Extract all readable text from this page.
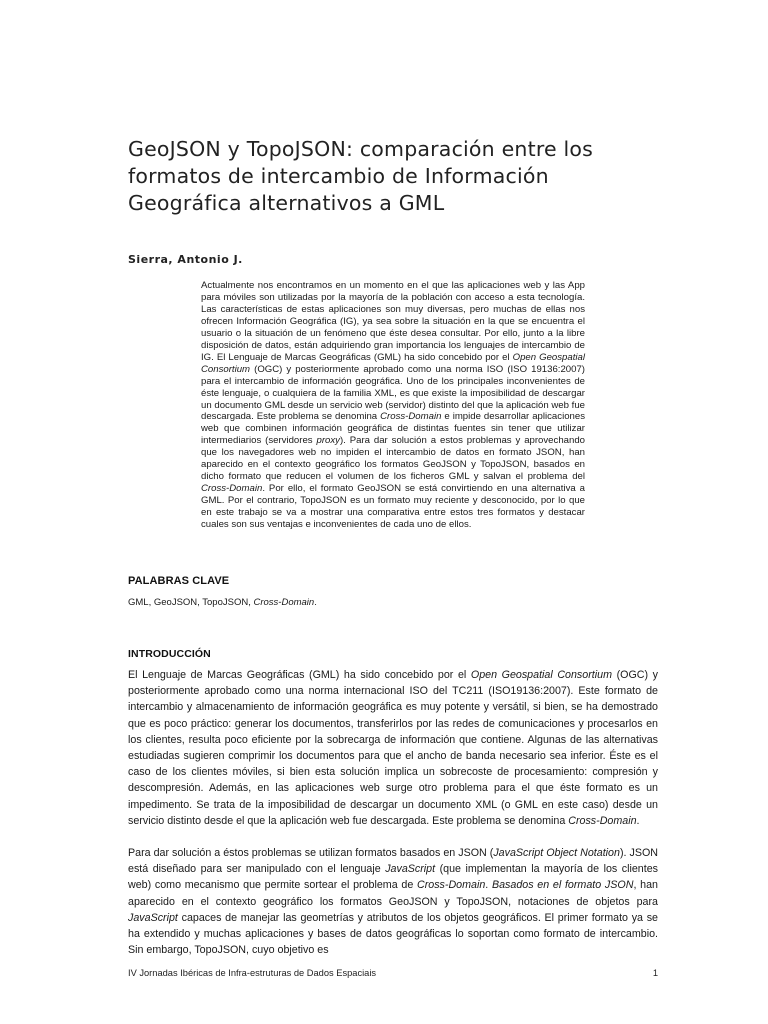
GeoJSON y TopoJSON: comparación entre los formatos de intercambio de Información Geográfica alternativos a GML

Sierra, Antonio J.

Actualmente nos encontramos en un momento en el que las aplicaciones web y las App para móviles son utilizadas por la mayoría de la población con acceso a esta tecnología. Las características de estas aplicaciones son muy diversas, pero muchas de ellas nos ofrecen Información Geográfica (IG), ya sea sobre la situación en la que se encuentra el usuario o la situación de un fenómeno que éste desea consultar. Por ello, junto a la libre disposición de datos, están adquiriendo gran importancia los lenguajes de intercambio de IG. El Lenguaje de Marcas Geográficas (GML) ha sido concebido por el Open Geospatial Consortium (OGC) y posteriormente aprobado como una norma ISO (ISO 19136:2007) para el intercambio de información geográfica. Uno de los principales inconvenientes de éste lenguaje, o cualquiera de la familia XML, es que existe la imposibilidad de descargar un documento GML desde un servicio web (servidor) distinto del que la aplicación web fue descargada. Este problema se denomina Cross-Domain e impide desarrollar aplicaciones web que combinen información geográfica de distintas fuentes sin tener que utilizar intermediarios (servidores proxy). Para dar solución a estos problemas y aprovechando que los navegadores web no impiden el intercambio de datos en formato JSON, han aparecido en el contexto geográfico los formatos GeoJSON y TopoJSON, basados en dicho formato que reducen el volumen de los ficheros GML y salvan el problema del Cross-Domain. Por ello, el formato GeoJSON se está convirtiendo en una alternativa a GML. Por el contrario, TopoJSON es un formato muy reciente y desconocido, por lo que en este trabajo se va a mostrar una comparativa entre estos tres formatos y destacar cuales son sus ventajas e inconvenientes de cada uno de ellos.

PALABRAS CLAVE

GML, GeoJSON, TopoJSON, Cross-Domain.

INTRODUCCIÓN

El Lenguaje de Marcas Geográficas (GML) ha sido concebido por el Open Geospatial Consortium (OGC) y posteriormente aprobado como una norma internacional ISO del TC211 (ISO19136:2007). Este formato de intercambio y almacenamiento de información geográfica es muy potente y versátil, si bien, se ha demostrado que es poco práctico: generar los documentos, transferirlos por las redes de comunicaciones y procesarlos en los clientes, resulta poco eficiente por la sobrecarga de información que contiene. Algunas de las alternativas estudiadas sugieren comprimir los documentos para que el ancho de banda necesario sea inferior. Éste es el caso de los clientes móviles, si bien esta solución implica un sobrecoste de procesamiento: compresión y descompresión. Además, en las aplicaciones web surge otro problema para el que éste formato es un impedimento. Se trata de la imposibilidad de descargar un documento XML (o GML en este caso) desde un servicio distinto desde el que la aplicación web fue descargada. Este problema se denomina Cross-Domain.

Para dar solución a éstos problemas se utilizan formatos basados en JSON (JavaScript Object Notation). JSON está diseñado para ser manipulado con el lenguaje JavaScript (que implementan la mayoría de los clientes web) como mecanismo que permite sortear el problema de Cross-Domain. Basados en el formato JSON, han aparecido en el contexto geográfico los formatos GeoJSON y TopoJSON, notaciones de objetos para JavaScript capaces de manejar las geometrías y atributos de los objetos geográficos. El primer formato ya se ha extendido y muchas aplicaciones y bases de datos geográficas lo soportan como formato de intercambio. Sin embargo, TopoJSON, cuyo objetivo es

IV Jornadas Ibéricas de Infra-estruturas de Dados Espaciais	1
